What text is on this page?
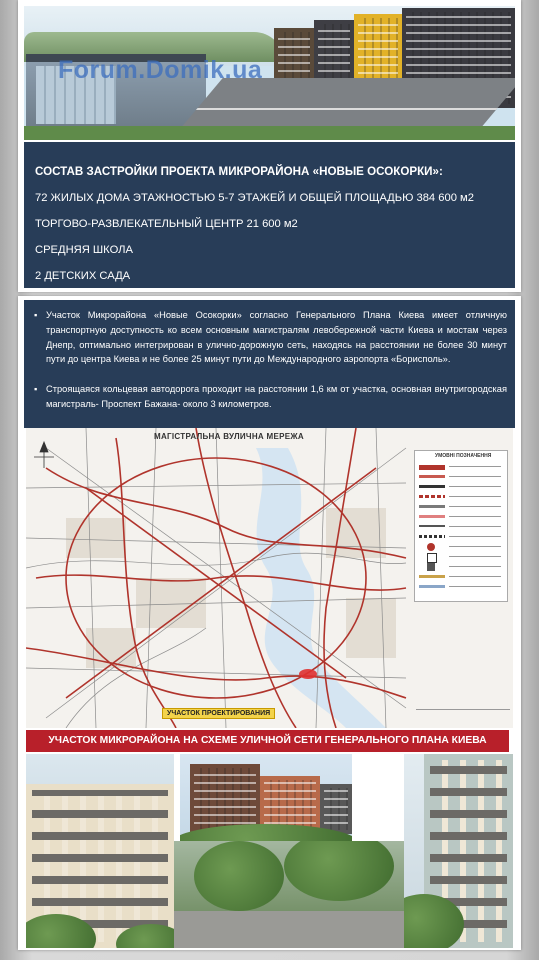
Forum.Domik.ua
СОСТАВ ЗАСТРОЙКИ ПРОЕКТА МИКРОРАЙОНА «НОВЫЕ ОСОКОРКИ»:
72 ЖИЛЫХ ДОМА ЭТАЖНОСТЬЮ 5-7 ЭТАЖЕЙ И ОБЩЕЙ ПЛОЩАДЬЮ 384 600 м2
ТОРГОВО-РАЗВЛЕКАТЕЛЬНЫЙ ЦЕНТР 21 600 м2
СРЕДНЯЯ ШКОЛА
2 ДЕТСКИХ САДА
▪ Участок Микрорайона «Новые Осокорки» согласно Генерального Плана Киева имеет отличную транспортную доступность ко всем основным магистралям левобережной части Киева и мостам через Днепр, оптимально интегрирован в улично-дорожную сеть, находясь на расстоянии не более 30 минут пути до центра Киева и не более 25 минут пути до Международного аэропорта «Борисполь».
▪ Строящаяся кольцевая автодорога проходит на расстоянии 1,6 км от участка, основная внутригородская магистраль- Проспект Бажана- около 3 километров.
МАГІСТРАЛЬНА ВУЛИЧНА МЕРЕЖА
УМОВНІ ПОЗНАЧЕННЯ
УЧАСТОК ПРОЕКТИРОВАНИЯ
УЧАСТОК МИКРОРАЙОНА НА СХЕМЕ УЛИЧНОЙ СЕТИ ГЕНЕРАЛЬНОГО ПЛАНА КИЕВА
